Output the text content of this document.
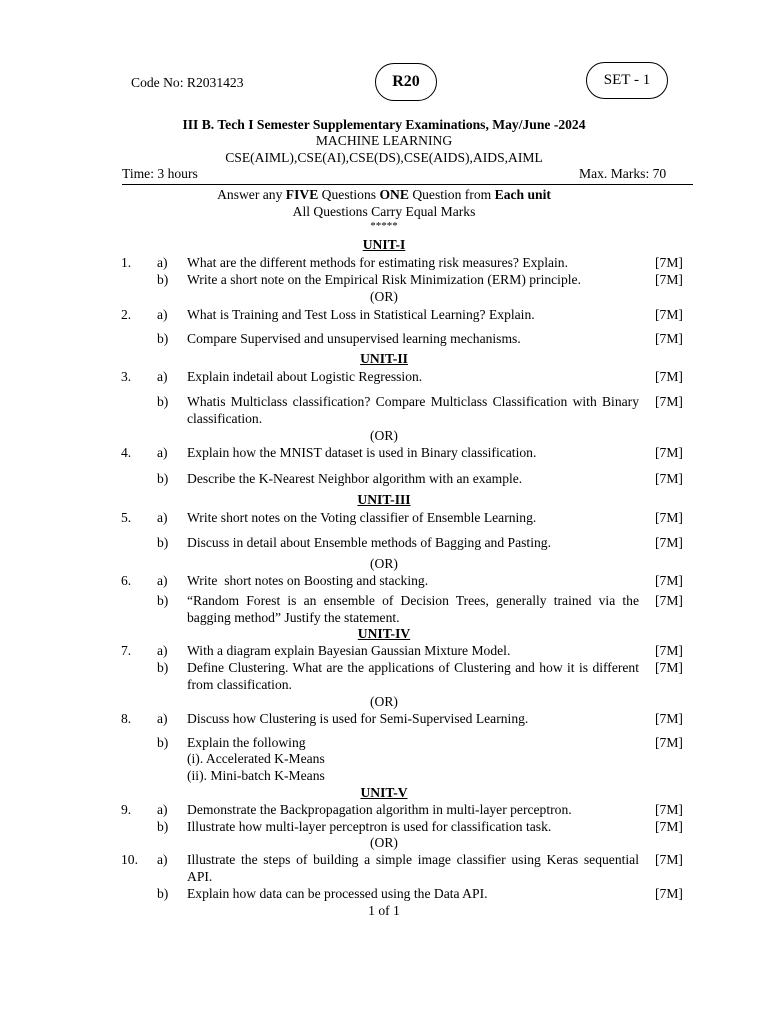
Code No: R2031423	R20	SET - 1
III B. Tech I Semester Supplementary Examinations, May/June -2024
MACHINE LEARNING
CSE(AIML),CSE(AI),CSE(DS),CSE(AIDS),AIDS,AIML
Time: 3 hours	Max. Marks: 70
Answer any FIVE Questions ONE Question from Each unit
All Questions Carry Equal Marks
*****
UNIT-I
1. a) What are the different methods for estimating risk measures? Explain.	[7M]
b) Write a short note on the Empirical Risk Minimization (ERM) principle.	[7M]
(OR)
2. a) What is Training and Test Loss in Statistical Learning? Explain.	[7M]
b) Compare Supervised and unsupervised learning mechanisms.	[7M]
UNIT-II
3. a) Explain indetail about Logistic Regression.	[7M]
b) Whatis Multiclass classification? Compare Multiclass Classification with Binary classification.
[7M]
(OR)
4. a) Explain how the MNIST dataset is used in Binary classification.	[7M]
b) Describe the K-Nearest Neighbor algorithm with an example.	[7M]
UNIT-III
5. a) Write short notes on the Voting classifier of Ensemble Learning.	[7M]
b) Discuss in detail about Ensemble methods of Bagging and Pasting.	[7M]
(OR)
6. a) Write  short notes on Boosting and stacking.	[7M]
b) “Random Forest is an ensemble of Decision Trees, generally trained via the bagging method” Justify the statement.
[7M]
UNIT-IV
7. a) With a diagram explain Bayesian Gaussian Mixture Model.	[7M]
b) Define Clustering. What are the applications of Clustering and how it is different from classification.
[7M]
(OR)
8. a) Discuss how Clustering is used for Semi-Supervised Learning.	[7M]
b) Explain the following
(i). Accelerated K-Means
(ii). Mini-batch K-Means
[7M]
UNIT-V
9. a) Demonstrate the Backpropagation algorithm in multi-layer perceptron.	[7M]
b) Illustrate how multi-layer perceptron is used for classification task.	[7M]
(OR)
10. a) Illustrate the steps of building a simple image classifier using Keras sequential API.
[7M]
b) Explain how data can be processed using the Data API.	[7M]
1 of 1
